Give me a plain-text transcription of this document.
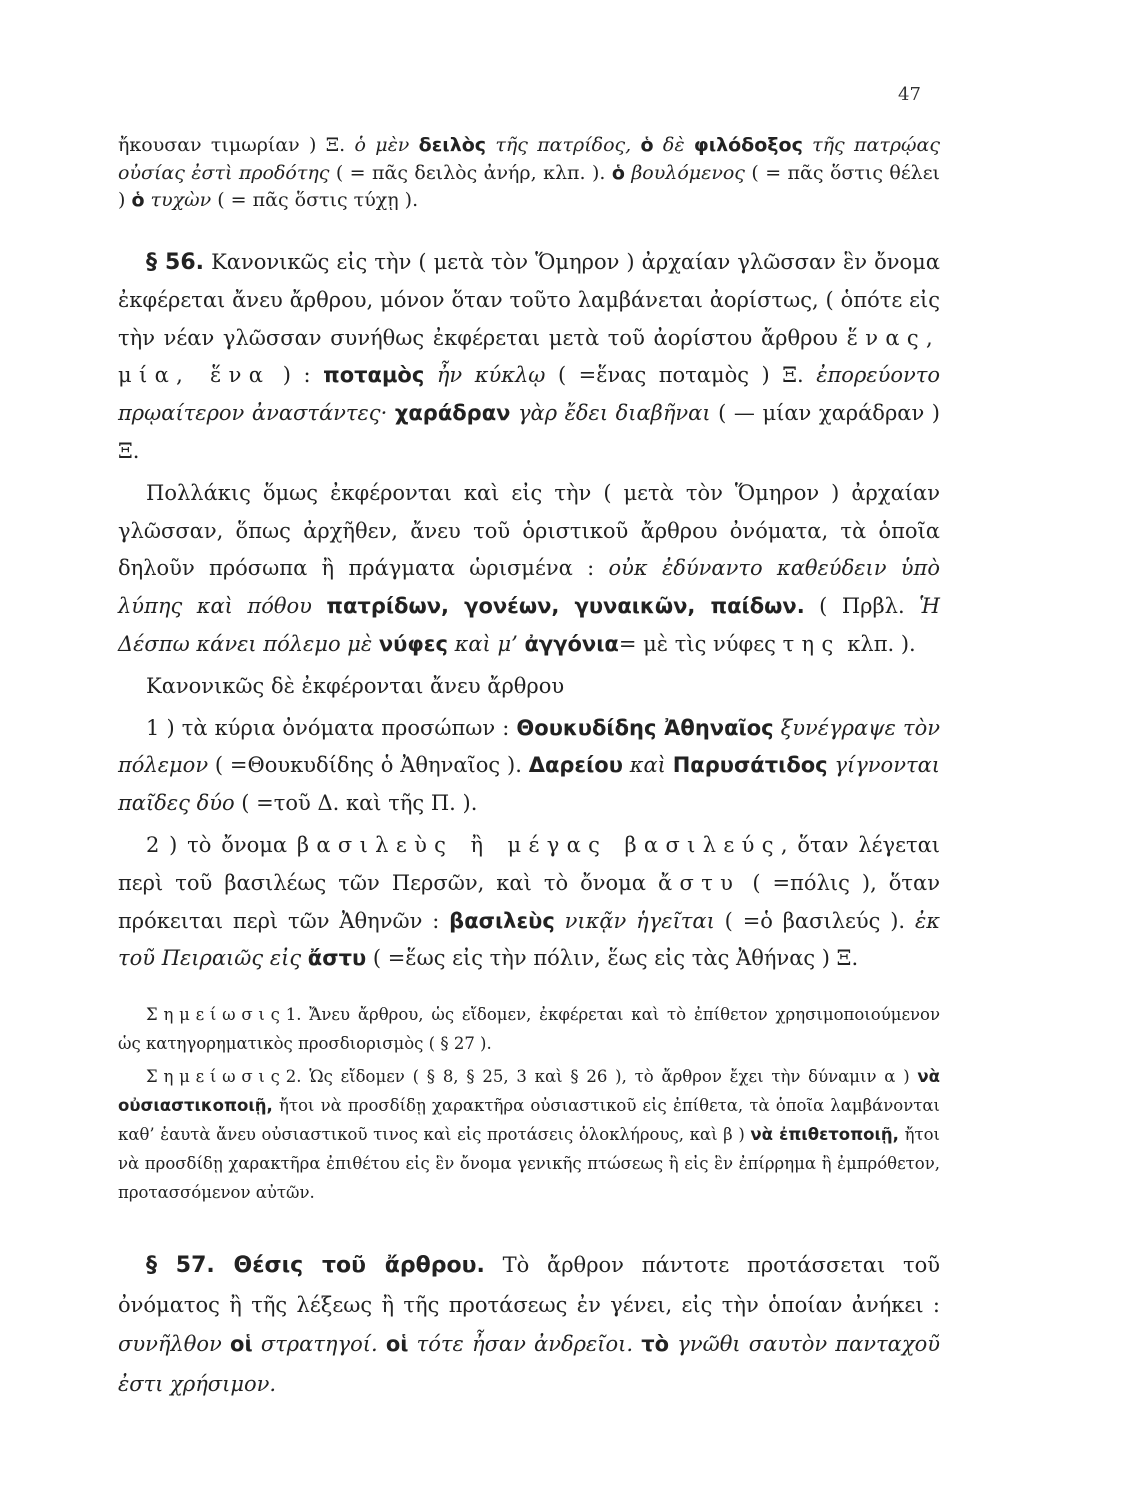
47

ἤκουσαν τιμωρίαν ) Ξ. ὁ μὲν δειλὸς τῆς πατρίδος, ὁ δὲ φιλόδοξος τῆς πατρῴας οὐσίας ἐστὶ προδότης ( = πᾶς δειλὸς ἀνήρ, κλπ. ). ὁ βουλόμενος ( = πᾶς ὅστις θέλει ) ὁ τυχὼν ( = πᾶς ὅστις τύχῃ ).

§ 56. Κανονικῶς εἰς τὴν ( μετὰ τὸν Ὅμηρον ) ἀρχαίαν γλῶσσαν ἓν ὄνομα ἐκφέρεται ἄνευ ἄρθρου, μόνον ὅταν τοῦτο λαμβάνεται ἀορίστως, ( ὁπότε εἰς τὴν νέαν γλῶσσαν συνήθως ἐκφέρεται μετὰ τοῦ ἀορίστου ἄρθρου ἕνας, μία, ἕνα ) : ποταμὸς ἦν κύκλῳ ( =ἕνας ποταμὸς ) Ξ. ἐπορεύοντο πρῳαίτερον ἀναστάντες· χαράδραν γὰρ ἔδει διαβῆναι ( — μίαν χαράδραν ) Ξ.

Πολλάκις ὅμως ἐκφέρονται καὶ εἰς τὴν ( μετὰ τὸν Ὅμηρον ) ἀρχαίαν γλῶσσαν, ὅπως ἀρχῆθεν, ἄνευ τοῦ ὁριστικοῦ ἄρθρου ὀνόματα, τὰ ὁποῖα δηλοῦν πρόσωπα ἢ πράγματα ὡρισμένα : οὐκ ἐδύναντο καθεύδειν ὑπὸ λύπης καὶ πόθου πατρίδων, γονέων, γυναικῶν, παίδων. ( Πρβλ. Ἡ Δέσπω κάνει πόλεμο μὲ νύφες καὶ μ’ ἀγγόνια= μὲ τὶς νύφες της κλπ. ).

Κανονικῶς δὲ ἐκφέρονται ἄνευ ἄρθρου

1 ) τὰ κύρια ὀνόματα προσώπων : Θουκυδίδης Ἀθηναῖος ξυνέγραψε τὸν πόλεμον ( =Θουκυδίδης ὁ Ἀθηναῖος ). Δαρείου καὶ Παρυσάτιδος γίγνονται παῖδες δύο ( =τοῦ Δ. καὶ τῆς Π. ).

2 ) τὸ ὄνομα βασιλεὺς ἢ μέγας βασιλεύς, ὅταν λέγεται περὶ τοῦ βασιλέως τῶν Περσῶν, καὶ τὸ ὄνομα ἄστυ ( =πόλις ), ὅταν πρόκειται περὶ τῶν Ἀθηνῶν : βασιλεὺς νικᾷν ἡγεῖται ( =ὁ βασιλεύς ). ἐκ τοῦ Πειραιῶς εἰς ἄστυ ( =ἕως εἰς τὴν πόλιν, ἕως εἰς τὰς Ἀθήνας ) Ξ.

Σημείωσις1. Ἄνευ ἄρθρου, ὡς εἴδομεν, ἐκφέρεται καὶ τὸ ἐπίθετον χρησιμοποιούμενον ὡς κατηγορηματικὸς προσδιορισμὸς ( § 27 ).

Σημείωσις2. Ὡς εἴδομεν ( § 8, § 25, 3 καὶ § 26 ), τὸ ἄρθρον ἔχει τὴν δύναμιν α ) νὰ οὐσιαστικοποιῇ, ἤτοι νὰ προσδίδῃ χαρακτῆρα οὐσιαστικοῦ εἰς ἐπίθετα, τὰ ὁποῖα λαμβάνονται καθ’ ἑαυτὰ ἄνευ οὐσιαστικοῦ τινος καὶ εἰς προτάσεις ὁλοκλήρους, καὶ β ) νὰ ἐπιθετοποιῇ, ἤτοι νὰ προσδίδῃ χαρακτῆρα ἐπιθέτου εἰς ἓν ὄνομα γενικῆς πτώσεως ἢ εἰς ἓν ἐπίρρημα ἢ ἐμπρόθετον, προτασσόμενον αὐτῶν.

§ 57. Θέσις τοῦ ἄρθρου. Τὸ ἄρθρον πάντοτε προτάσσεται τοῦ ὀνόματος ἢ τῆς λέξεως ἢ τῆς προτάσεως ἐν γένει, εἰς τὴν ὁποίαν ἀνήκει : συνῆλθον οἱ στρατηγοί. οἱ τότε ἦσαν ἀνδρεῖοι. τὸ γνῶθι σαυτὸν πανταχοῦ ἐστι χρήσιμον.
